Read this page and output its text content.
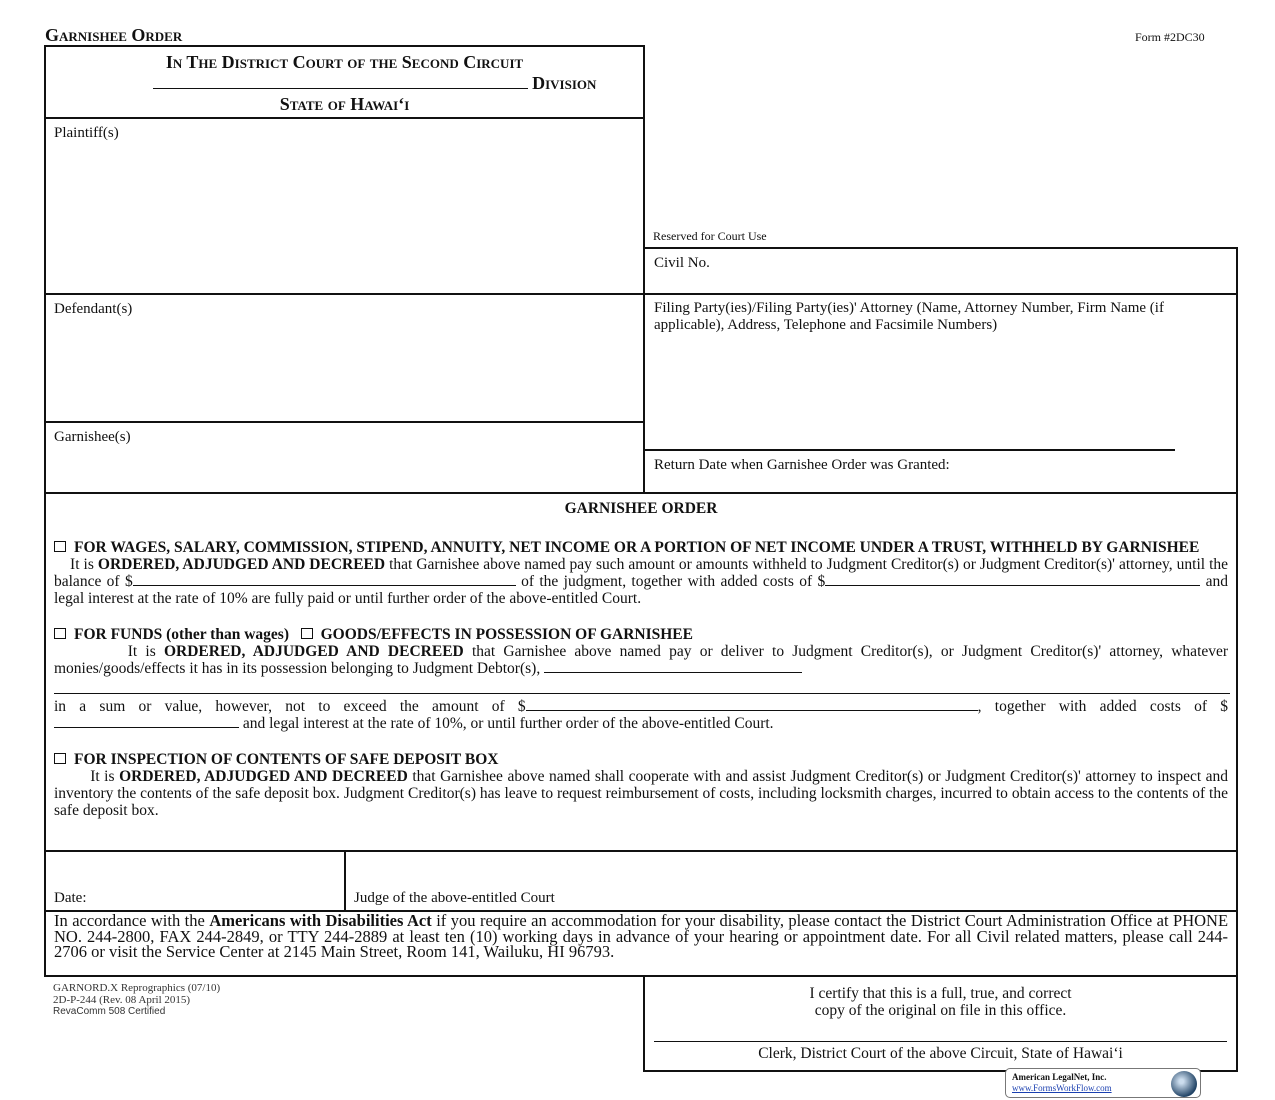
Garnishee Order	Form #2DC30
In The District Court of the Second Circuit
Division
State of Hawai‘i
Plaintiff(s)
Defendant(s)
Garnishee(s)
Reserved for Court Use
Civil No.
Filing Party(ies)/Filing Party(ies)' Attorney (Name, Attorney Number, Firm Name (if applicable), Address, Telephone and Facsimile Numbers)
Return Date when Garnishee Order was Granted:
GARNISHEE ORDER
FOR WAGES, SALARY, COMMISSION, STIPEND, ANNUITY, NET INCOME OR A PORTION OF NET INCOME UNDER A TRUST, WITHHELD BY GARNISHEE
It is ORDERED, ADJUDGED AND DECREED that Garnishee above named pay such amount or amounts withheld to Judgment Creditor(s) or Judgment Creditor(s)' attorney, until the balance of $	of the judgment, together with added costs of $	and legal interest at the rate of 10% are fully paid or until further order of the above-entitled Court.
FOR FUNDS (other than wages) GOODS/EFFECTS IN POSSESSION OF GARNISHEE
It is ORDERED, ADJUDGED AND DECREED that Garnishee above named pay or deliver to Judgment Creditor(s), or Judgment Creditor(s)' attorney, whatever monies/goods/effects it has in its possession belonging to Judgment Debtor(s),

in a sum or value, however, not to exceed the amount of $	, together with added costs of $ and legal interest at the rate of 10%, or until further order of the above-entitled Court.
FOR INSPECTION OF CONTENTS OF SAFE DEPOSIT BOX
It is ORDERED, ADJUDGED AND DECREED that Garnishee above named shall cooperate with and assist Judgment Creditor(s) or Judgment Creditor(s)' attorney to inspect and inventory the contents of the safe deposit box. Judgment Creditor(s) has leave to request reimbursement of costs, including locksmith charges, incurred to obtain access to the contents of the safe deposit box.
Date:	Judge of the above-entitled Court
In accordance with the Americans with Disabilities Act if you require an accommodation for your disability, please contact the District Court Administration Office at PHONE NO. 244-2800, FAX 244-2849, or TTY 244-2889 at least ten (10) working days in advance of your hearing or appointment date. For all Civil related matters, please call 244-2706 or visit the Service Center at 2145 Main Street, Room 141, Wailuku, HI 96793.
GARNORD.X Reprographics (07/10)
2D-P-244 (Rev. 08 April 2015)
RevaComm 508 Certified
I certify that this is a full, true, and correct
copy of the original on file in this office.
Clerk, District Court of the above Circuit, State of Hawai‘i
American LegalNet, Inc.
www.FormsWorkFlow.com
